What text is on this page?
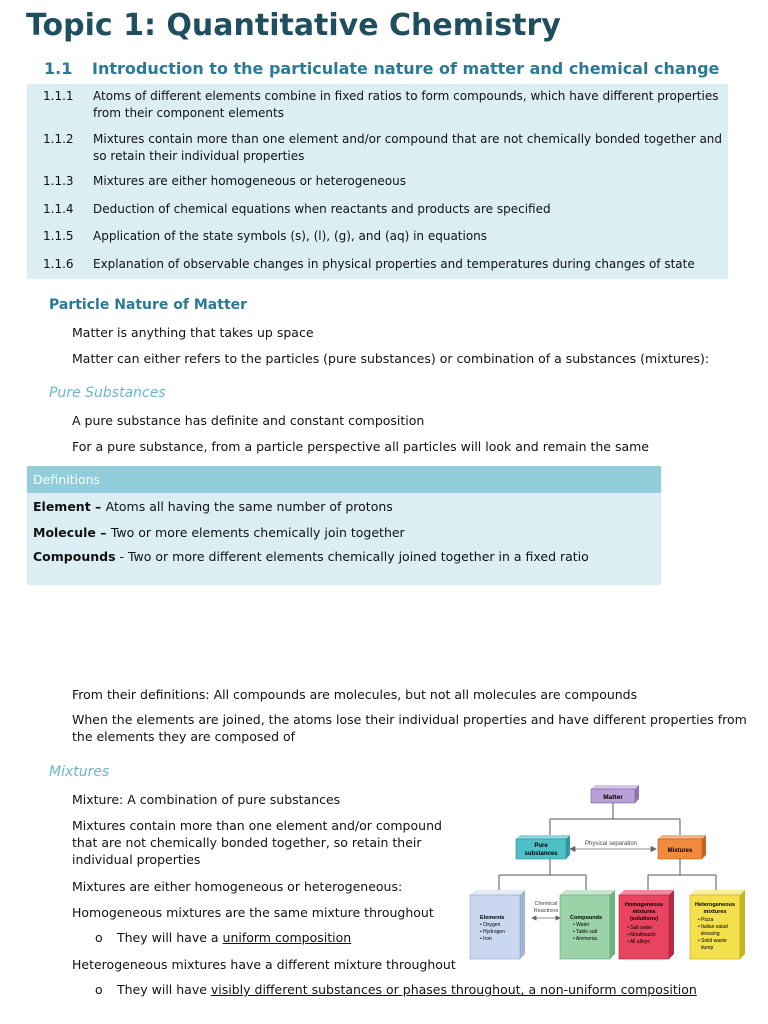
Topic 1: Quantitative Chemistry
1.1 Introduction to the particulate nature of matter and chemical change
1.1.1 Atoms of different elements combine in fixed ratios to form compounds, which have different properties from their component elements
1.1.2 Mixtures contain more than one element and/or compound that are not chemically bonded together and so retain their individual properties
1.1.3 Mixtures are either homogeneous or heterogeneous
1.1.4 Deduction of chemical equations when reactants and products are specified
1.1.5 Application of the state symbols (s), (l), (g), and (aq) in equations
1.1.6 Explanation of observable changes in physical properties and temperatures during changes of state
Particle Nature of Matter

Matter is anything that takes up space

Matter can either refers to the particles (pure substances) or combination of a substances (mixtures):

Pure Substances

A pure substance has definite and constant composition

For a pure substance, from a particle perspective all particles will look and remain the same

Definitions
Element – Atoms all having the same number of protons
Molecule – Two or more elements chemically join together
Compounds - Two or more different elements chemically joined together in a fixed ratio

From their definitions: All compounds are molecules, but not all molecules are compounds

When the elements are joined, the atoms lose their individual properties and have different properties from the elements they are composed of

Mixtures

Mixture: A combination of pure substances

Mixtures contain more than one element and/or compound that are not chemically bonded together, so retain their individual properties

Mixtures are either homogeneous or heterogeneous:

Homogeneous mixtures are the same mixture throughout

o They will have a uniform composition

Heterogeneous mixtures have a different mixture throughout

o They will have visibly different substances or phases throughout, a non-uniform composition
Physical separation
Chemical
Reactions
Matter
Pure
substances	Mixtures
Elements
• Oxygen
• Hydrogen
• Iron
Compounds
• Water
• Table salt
• Ammonia
Homogeneous
mixtures
(solutions)
• Salt water
• Mouthwash
• All alloys
Heterogeneous
mixtures
• Pizza
• Italian salad
dressing
• Solid waste
dump
